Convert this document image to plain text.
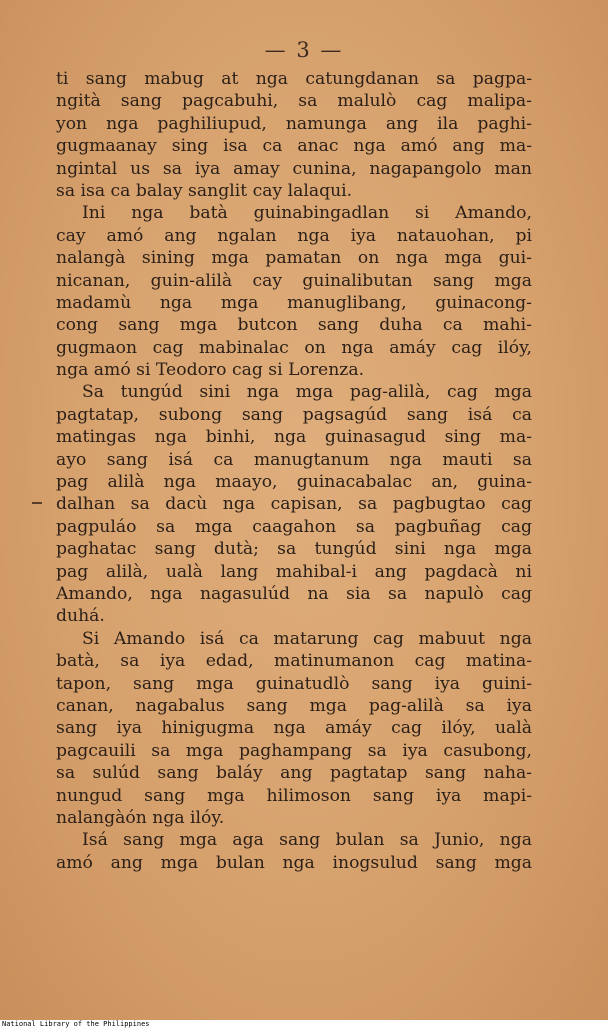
— 3 —
ti sang mabug at nga catungdanan sa pagpa-
ngità sang pagcabuhi, sa malulò cag malipa-
yon nga paghiliupud, namunga ang ila paghi-
gugmaanay sing isa ca anac nga amó ang ma-
ngintal us sa iya amay cunina, nagapangolo man
sa isa ca balay sanglit cay lalaqui.
Ini nga batà guinabingadlan si Amando,
cay amó ang ngalan nga iya natauohan, pi
nalangà sining mga pamatan on nga mga gui-
nicanan, guin-alilà cay guinalibutan sang mga
madamù nga mga manuglibang, guinacong-
cong sang mga butcon sang duha ca mahi-
gugmaon cag mabinalac on nga amáy cag ilóy,
nga amó si Teodoro cag si Lorenza.
Sa tungúd sini nga mga pag-alilà, cag mga
pagtatap, subong sang pagsagúd sang isá ca
matingas nga binhi, nga guinasagud sing ma-
ayo sang isá ca manugtanum nga mauti sa
pag alilà nga maayo, guinacabalac an, guina-
dalhan sa dacù nga capisan, sa pagbugtao cag
pagpuláo sa mga caagahon sa pagbuñag cag
paghatac sang dutà; sa tungúd sini nga mga
pag alilà, ualà lang mahibal-i ang pagdacà ni
Amando, nga nagasulúd na sia sa napulò cag
duhá.
Si Amando isá ca matarung cag mabuut nga
batà, sa iya edad, matinumanon cag matina-
tapon, sang mga guinatudlò sang iya guini-
canan, nagabalus sang mga pag-alilà sa iya
sang iya hinigugma nga amáy cag ilóy, ualà
pagcauili sa mga paghampang sa iya casubong,
sa sulúd sang baláy ang pagtatap sang naha-
nungud sang mga hilimoson sang iya mapi-
nalangàón nga ilóy.
Isá sang mga aga sang bulan sa Junio, nga
amó ang mga bulan nga inogsulud sang mga
National Library of the Philippines
